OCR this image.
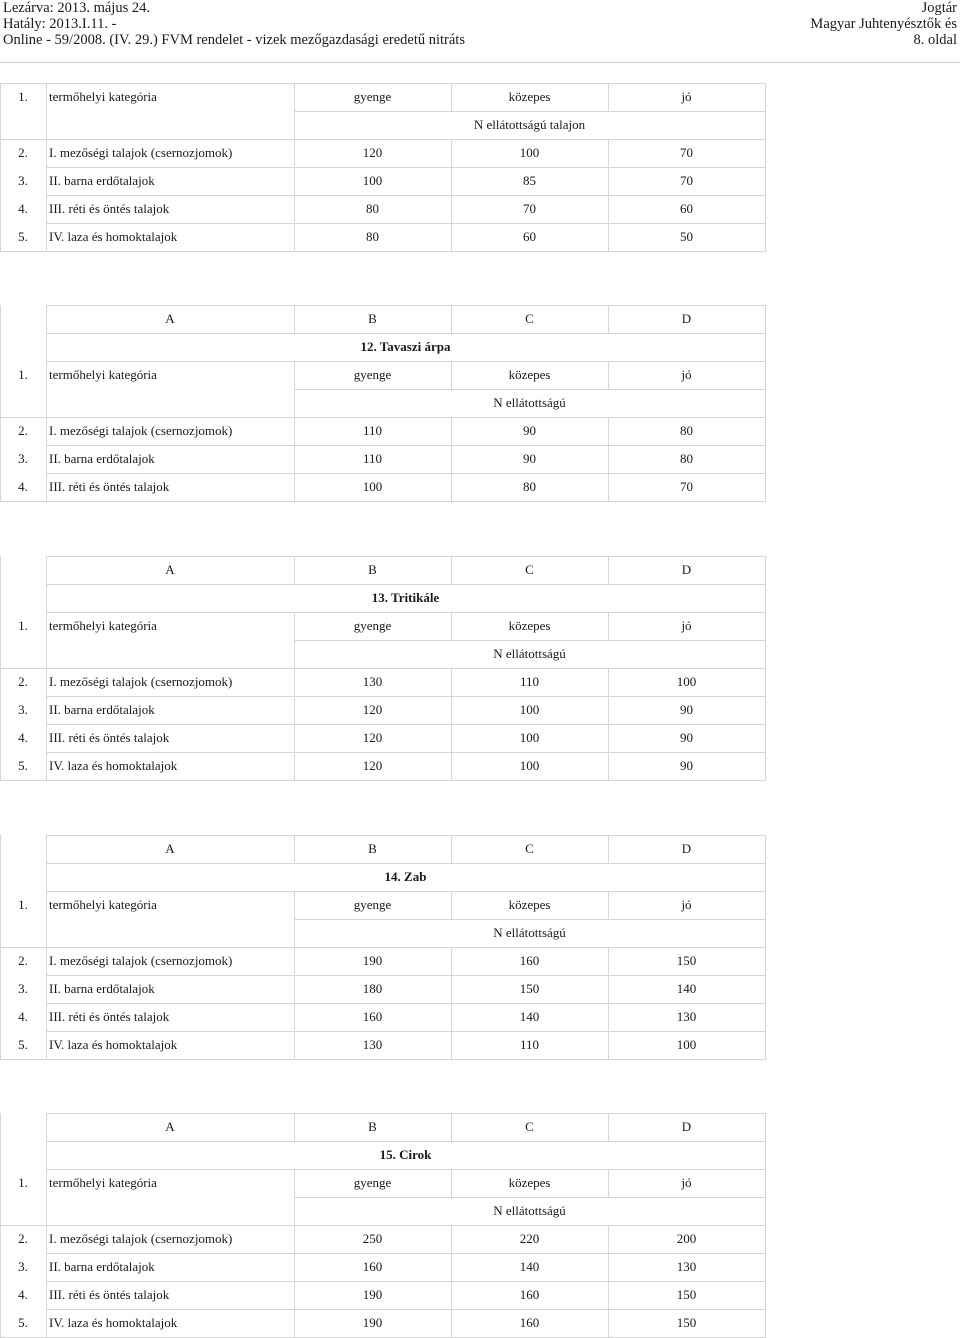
Lezárva: 2013. május 24.
Hatály: 2013.I.11. -
Online - 59/2008. (IV. 29.) FVM rendelet - vizek mezőgazdasági eredetű nitráts
Jogtár
Magyar Juhtenyésztők és
8. oldal
1.	termőhelyi kategória	gyenge	közepes	jó
N ellátottságú talajon
2.	I. mezőségi talajok (csernozjomok)	120	100	70
3.	II. barna erdőtalajok	100	85	70
4.	III. réti és öntés talajok	80	70	60
5.	IV. laza és homoktalajok	80	60	50
A	B	C	D
12. Tavaszi árpa
1.	termőhelyi kategória	gyenge	közepes	jó
N ellátottságú
2.	I. mezőségi talajok (csernozjomok)	110	90	80
3.	II. barna erdőtalajok	110	90	80
4.	III. réti és öntés talajok	100	80	70
A	B	C	D
13. Tritikále
1.	termőhelyi kategória	gyenge	közepes	jó
N ellátottságú
2.	I. mezőségi talajok (csernozjomok)	130	110	100
3.	II. barna erdőtalajok	120	100	90
4.	III. réti és öntés talajok	120	100	90
5.	IV. laza és homoktalajok	120	100	90
A	B	C	D
14. Zab
1.	termőhelyi kategória	gyenge	közepes	jó
N ellátottságú
2.	I. mezőségi talajok (csernozjomok)	190	160	150
3.	II. barna erdőtalajok	180	150	140
4.	III. réti és öntés talajok	160	140	130
5.	IV. laza és homoktalajok	130	110	100
A	B	C	D
15. Cirok
1.	termőhelyi kategória	gyenge	közepes	jó
N ellátottságú
2.	I. mezőségi talajok (csernozjomok)	250	220	200
3.	II. barna erdőtalajok	160	140	130
4.	III. réti és öntés talajok	190	160	150
5.	IV. laza és homoktalajok	190	160	150
